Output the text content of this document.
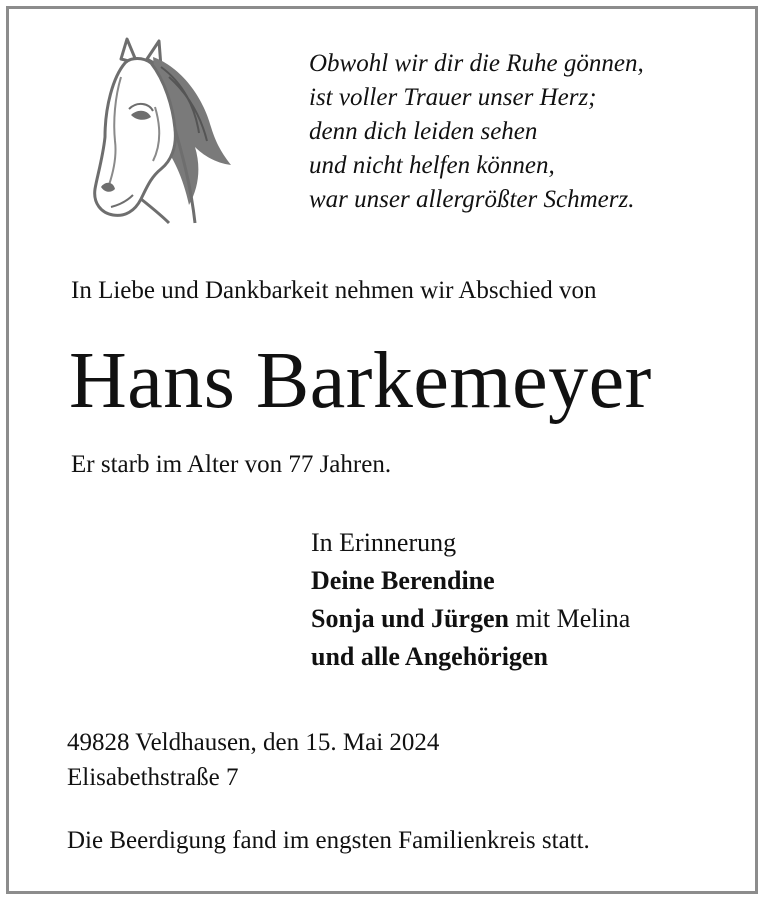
Obwohl wir dir die Ruhe gönnen,
ist voller Trauer unser Herz;
denn dich leiden sehen
und nicht helfen können,
war unser allergrößter Schmerz.
In Liebe und Dankbarkeit nehmen wir Abschied von
Hans Barkemeyer
Er starb im Alter von 77 Jahren.
In Erinnerung
Deine Berendine
Sonja und Jürgen mit Melina
und alle Angehörigen
49828 Veldhausen, den 15. Mai 2024
Elisabethstraße 7
Die Beerdigung fand im engsten Familienkreis statt.
